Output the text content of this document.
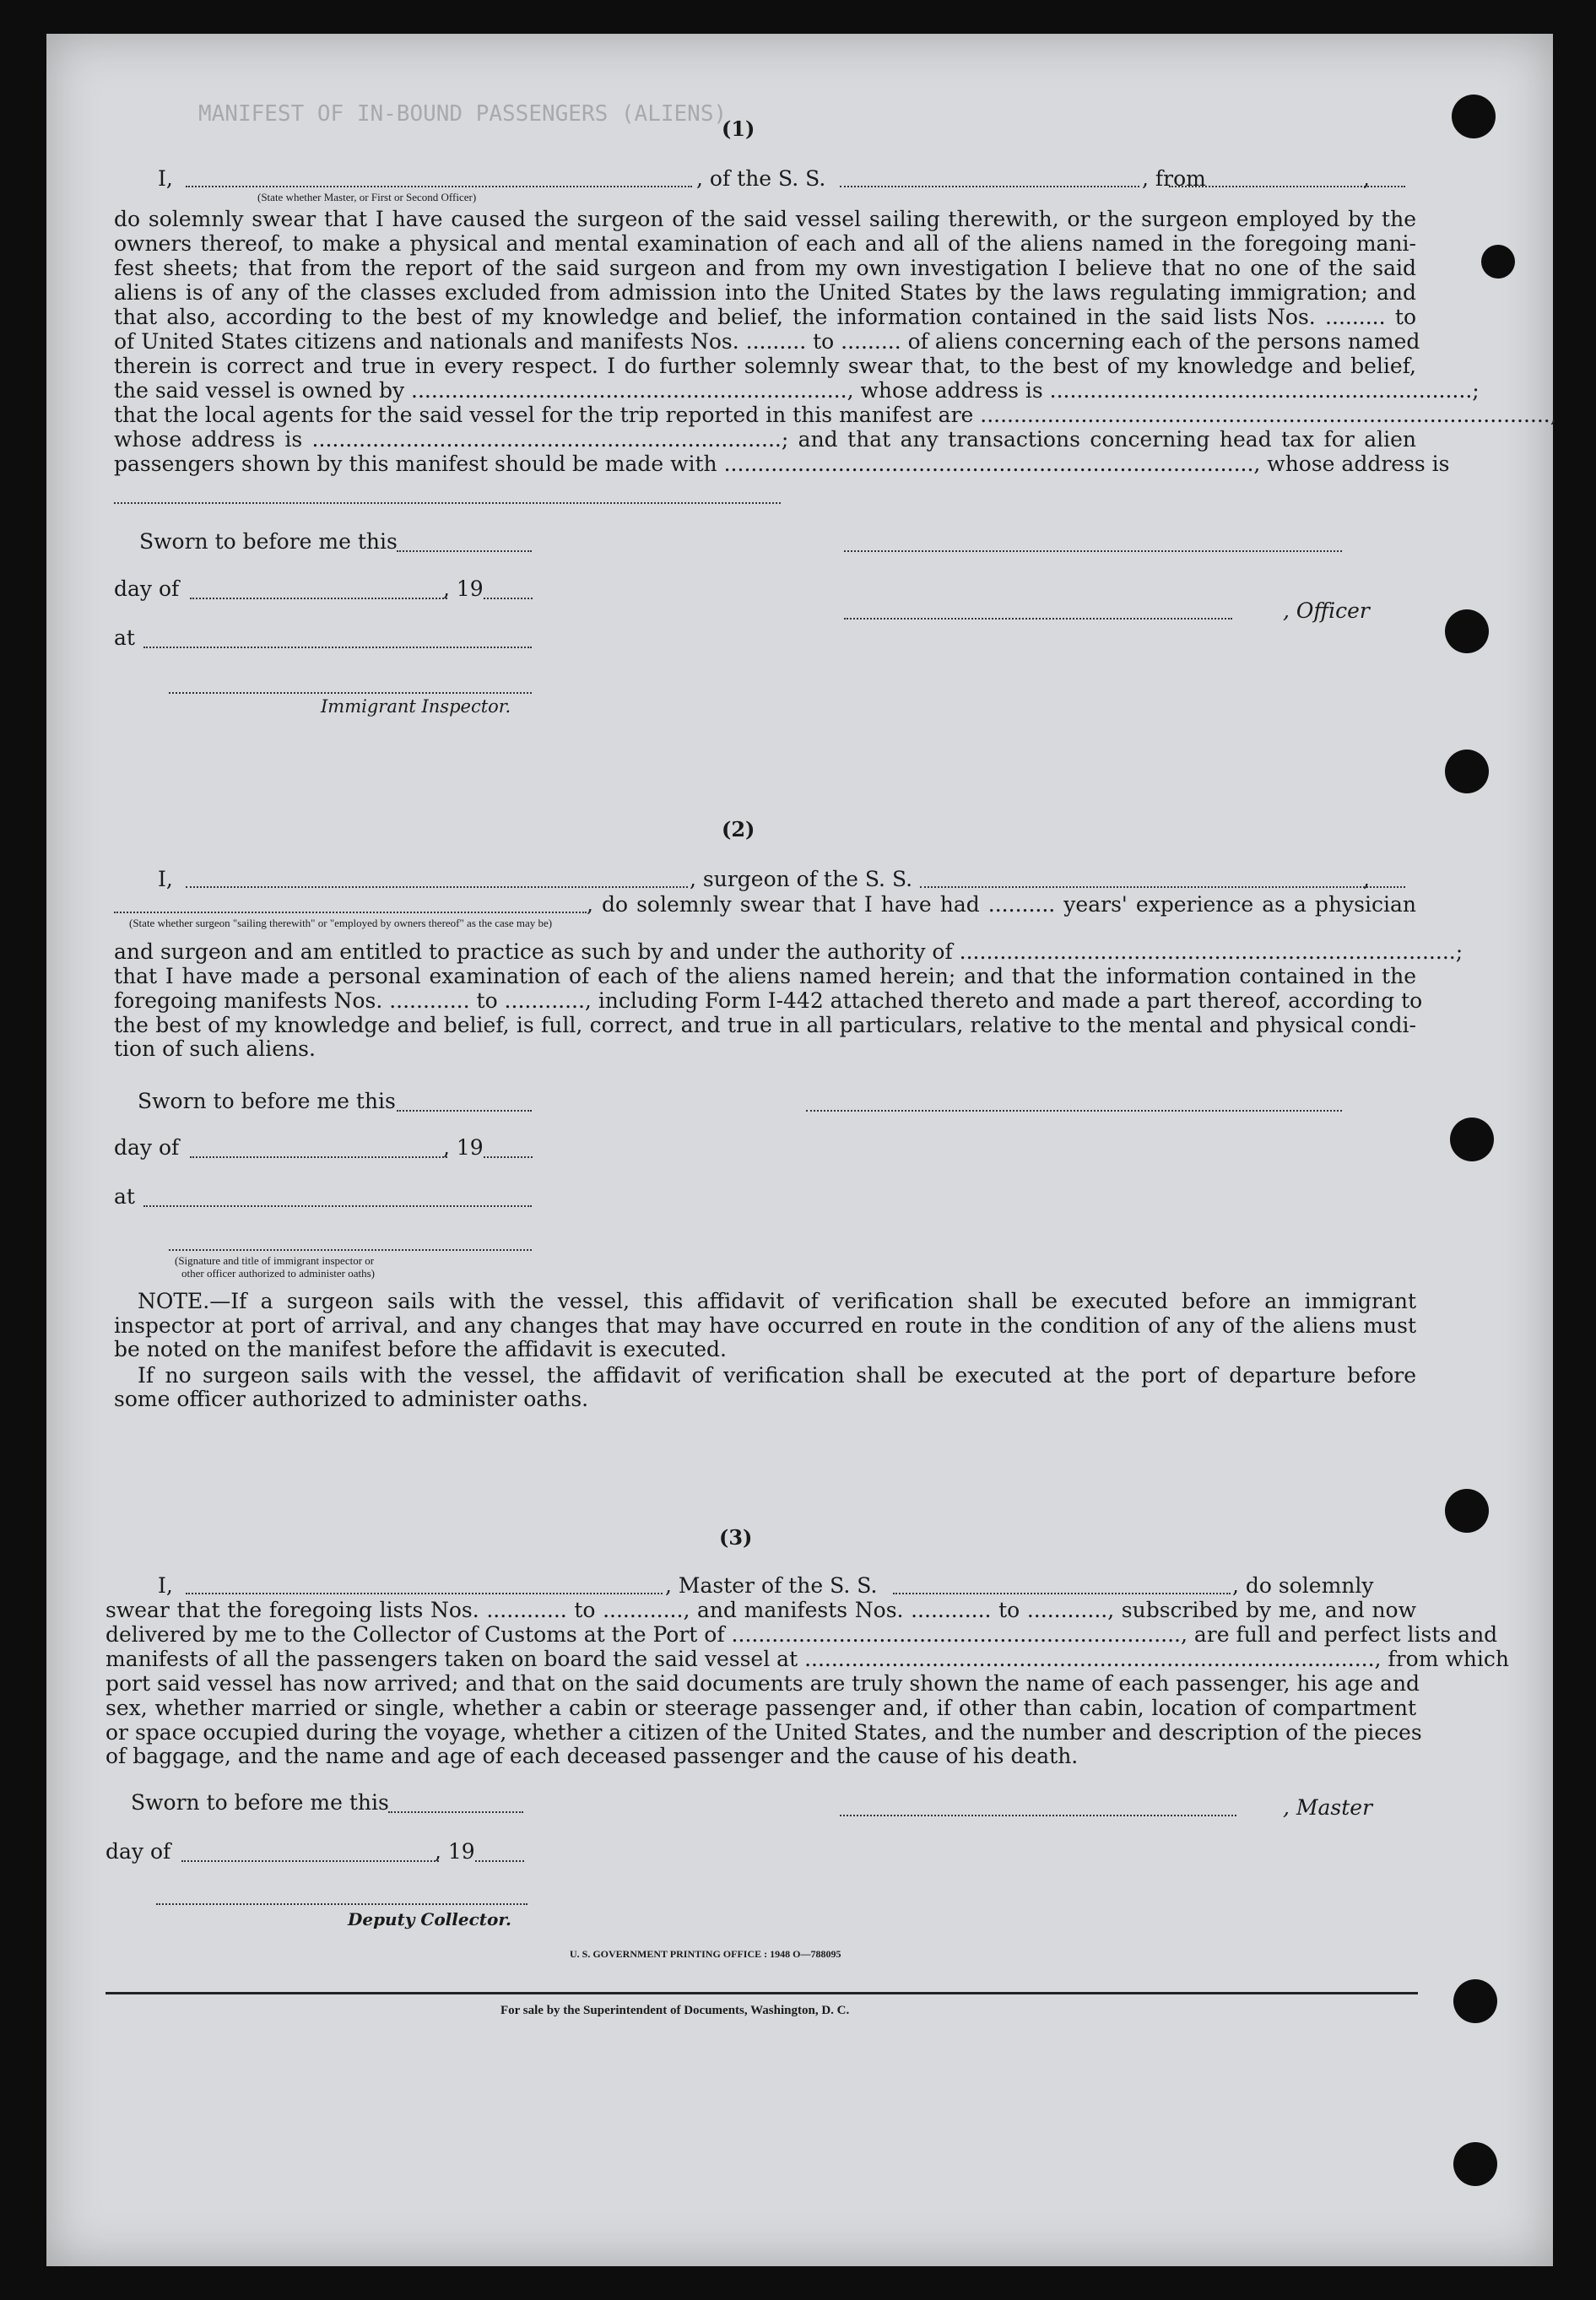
MANIFEST OF IN-BOUND PASSENGERS (ALIENS)
(1)
I,	, of the S. S.	, from	,
(State whether Master, or First or Second Officer)
do solemnly swear that I have caused the surgeon of the said vessel sailing therewith, or the surgeon employed by the
owners thereof, to make a physical and mental examination of each and all of the aliens named in the foregoing mani-
fest sheets; that from the report of the said surgeon and from my own investigation I believe that no one of the said
aliens is of any of the classes excluded from admission into the United States by the laws regulating immigration; and
that also, according to the best of my knowledge and belief, the information contained in the said lists Nos. ......... to
of United States citizens and nationals and manifests Nos. ......... to ......... of aliens concerning each of the persons named
therein is correct and true in every respect. I do further solemnly swear that, to the best of my knowledge and belief,
the said vessel is owned by ................................................................., whose address is ...............................................................;
that the local agents for the said vessel for the trip reported in this manifest are .....................................................................................,
whose address is ......................................................................; and that any transactions concerning head tax for alien
passengers shown by this manifest should be made with ..............................................................................., whose address is
Sworn to before me this
day of	, 19
, Officer
at
Immigrant Inspector.
(2)
I,	, surgeon of the S. S.	,
, do solemnly swear that I have had .......... years' experience as a physician
(State whether surgeon "sailing therewith" or "employed by owners thereof" as the case may be)
and surgeon and am entitled to practice as such by and under the authority of ..........................................................................;
that I have made a personal examination of each of the aliens named herein; and that the information contained in the
foregoing manifests Nos. ............ to ............, including Form I-442 attached thereto and made a part thereof, according to
the best of my knowledge and belief, is full, correct, and true in all particulars, relative to the mental and physical condi-
tion of such aliens.
Sworn to before me this
day of	, 19
at
(Signature and title of immigrant inspector or
other officer authorized to administer oaths)
NOTE.—If a surgeon sails with the vessel, this affidavit of verification shall be executed before an immigrant
inspector at port of arrival, and any changes that may have occurred en route in the condition of any of the aliens must
be noted on the manifest before the affidavit is executed.
If no surgeon sails with the vessel, the affidavit of verification shall be executed at the port of departure before
some officer authorized to administer oaths.
(3)
I,	, Master of the S. S.	, do solemnly
swear that the foregoing lists Nos. ............ to ............, and manifests Nos. ............ to ............, subscribed by me, and now
delivered by me to the Collector of Customs at the Port of ..................................................................., are full and perfect lists and
manifests of all the passengers taken on board the said vessel at ....................................................................................., from which
port said vessel has now arrived; and that on the said documents are truly shown the name of each passenger, his age and
sex, whether married or single, whether a cabin or steerage passenger and, if other than cabin, location of compartment
or space occupied during the voyage, whether a citizen of the United States, and the number and description of the pieces
of baggage, and the name and age of each deceased passenger and the cause of his death.
Sworn to before me this	, Master
day of	, 19
Deputy Collector.
U. S. GOVERNMENT PRINTING OFFICE : 1948 O—788095
For sale by the Superintendent of Documents, Washington, D. C.
